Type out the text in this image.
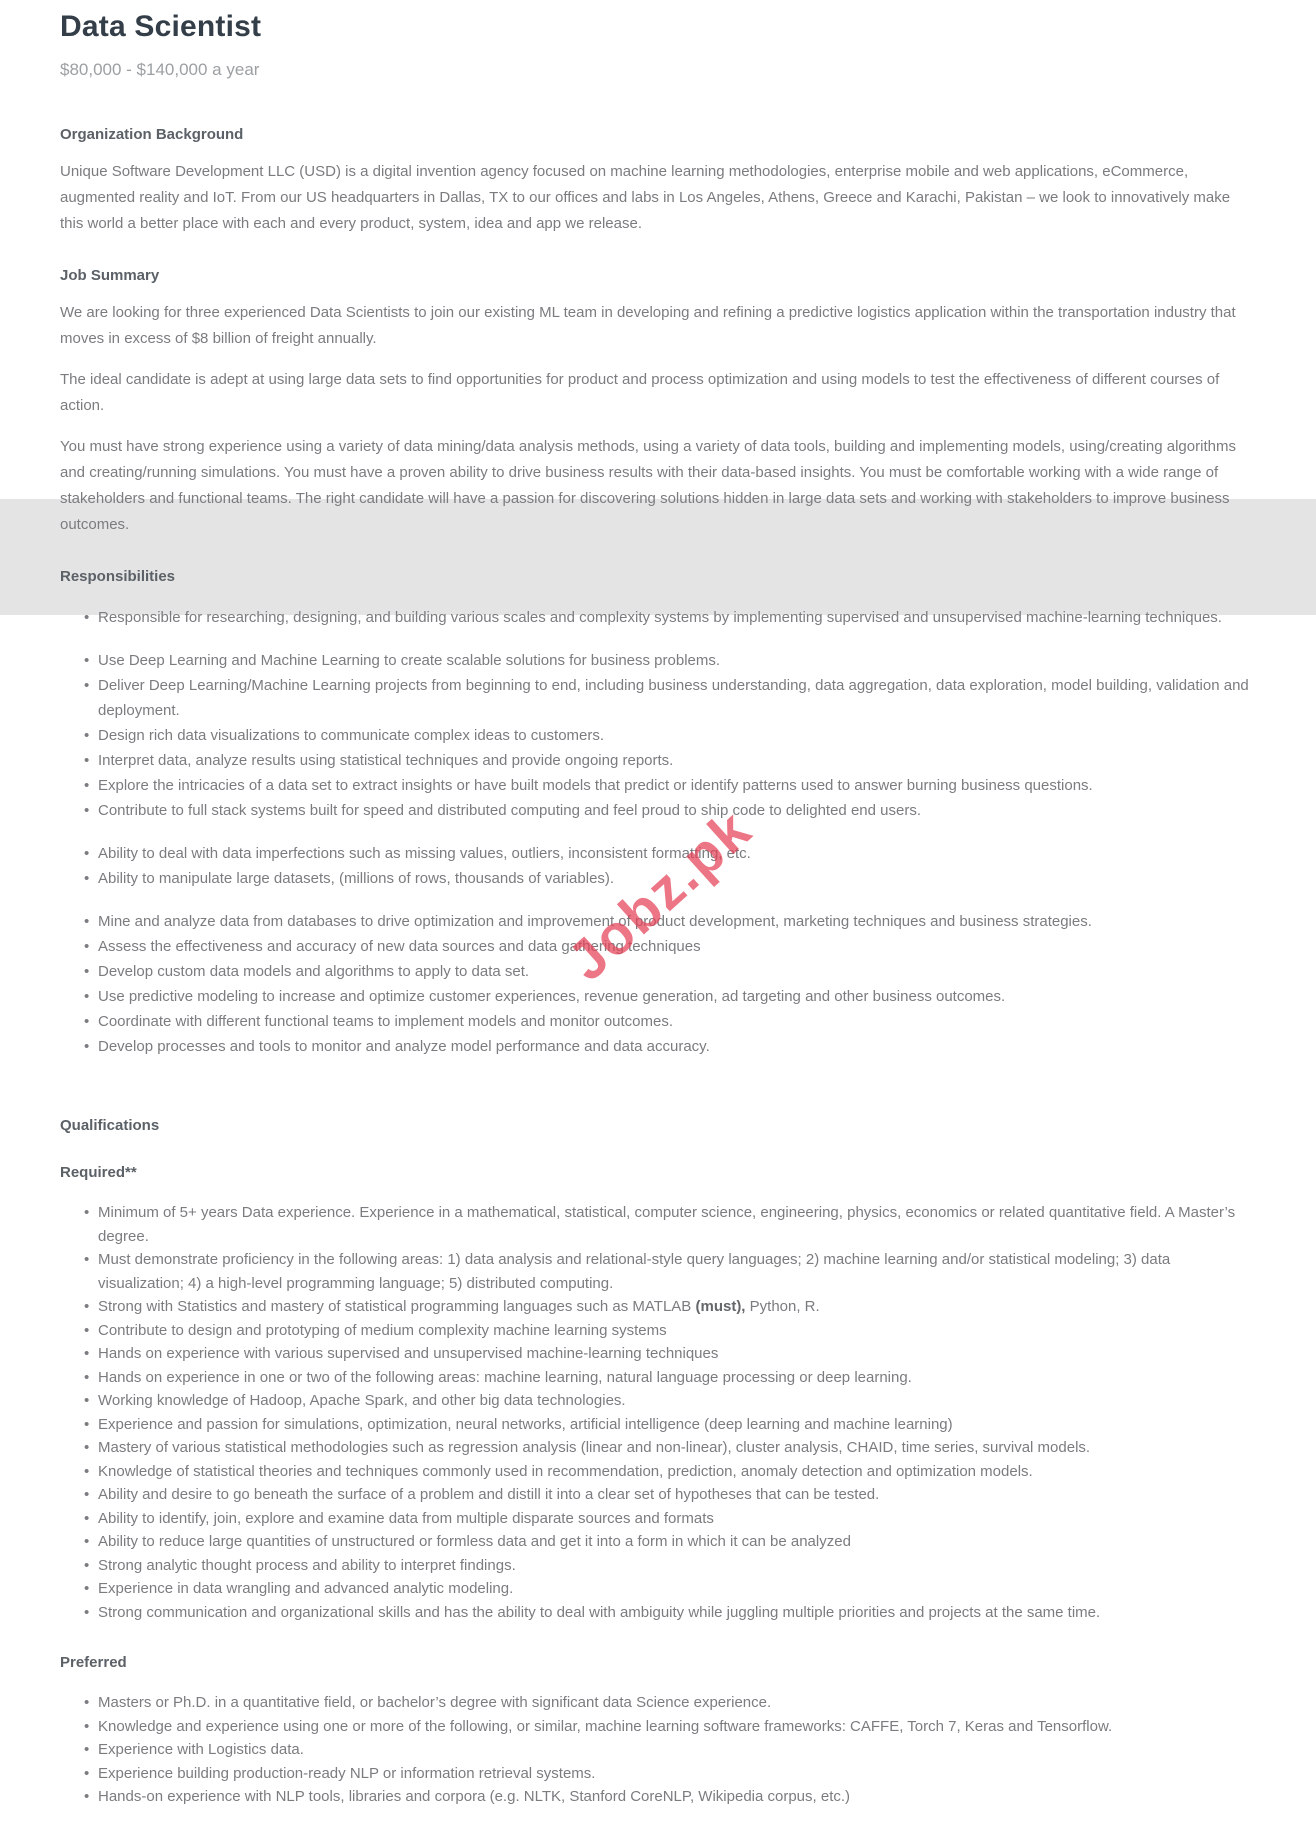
Data Scientist
$80,000 - $140,000 a year
Organization Background

Unique Software Development LLC (USD) is a digital invention agency focused on machine learning methodologies, enterprise mobile and web applications, eCommerce, augmented reality and IoT. From our US headquarters in Dallas, TX to our offices and labs in Los Angeles, Athens, Greece and Karachi, Pakistan – we look to innovatively make this world a better place with each and every product, system, idea and app we release.

Job Summary

We are looking for three experienced Data Scientists to join our existing ML team in developing and refining a predictive logistics application within the transportation industry that moves in excess of $8 billion of freight annually.

The ideal candidate is adept at using large data sets to find opportunities for product and process optimization and using models to test the effectiveness of different courses of action.

You must have strong experience using a variety of data mining/data analysis methods, using a variety of data tools, building and implementing models, using/creating algorithms and creating/running simulations. You must have a proven ability to drive business results with their data-based insights. You must be comfortable working with a wide range of stakeholders and functional teams. The right candidate will have a passion for discovering solutions hidden in large data sets and working with stakeholders to improve business outcomes.

Responsibilities
• Responsible for researching, designing, and building various scales and complexity systems by implementing supervised and unsupervised machine-learning techniques.
• Use Deep Learning and Machine Learning to create scalable solutions for business problems.
• Deliver Deep Learning/Machine Learning projects from beginning to end, including business understanding, data aggregation, data exploration, model building, validation and deployment.
• Design rich data visualizations to communicate complex ideas to customers.
• Interpret data, analyze results using statistical techniques and provide ongoing reports.
• Explore the intricacies of a data set to extract insights or have built models that predict or identify patterns used to answer burning business questions.
• Contribute to full stack systems built for speed and distributed computing and feel proud to ship code to delighted end users.
• Ability to deal with data imperfections such as missing values, outliers, inconsistent formatting, etc.
• Ability to manipulate large datasets, (millions of rows, thousands of variables).
• Mine and analyze data from databases to drive optimization and improvement of product development, marketing techniques and business strategies.
• Assess the effectiveness and accuracy of new data sources and data gathering techniques
• Develop custom data models and algorithms to apply to data set.
• Use predictive modeling to increase and optimize customer experiences, revenue generation, ad targeting and other business outcomes.
• Coordinate with different functional teams to implement models and monitor outcomes.
• Develop processes and tools to monitor and analyze model performance and data accuracy.
Qualifications
Required**
• Minimum of 5+ years Data experience. Experience in a mathematical, statistical, computer science, engineering, physics, economics or related quantitative field. A Master’s degree.
• Must demonstrate proficiency in the following areas: 1) data analysis and relational-style query languages; 2) machine learning and/or statistical modeling; 3) data visualization; 4) a high-level programming language; 5) distributed computing.
• Strong with Statistics and mastery of statistical programming languages such as MATLAB (must), Python, R.
• Contribute to design and prototyping of medium complexity machine learning systems
• Hands on experience with various supervised and unsupervised machine-learning techniques
• Hands on experience in one or two of the following areas: machine learning, natural language processing or deep learning.
• Working knowledge of Hadoop, Apache Spark, and other big data technologies.
• Experience and passion for simulations, optimization, neural networks, artificial intelligence (deep learning and machine learning)
• Mastery of various statistical methodologies such as regression analysis (linear and non-linear), cluster analysis, CHAID, time series, survival models.
• Knowledge of statistical theories and techniques commonly used in recommendation, prediction, anomaly detection and optimization models.
• Ability and desire to go beneath the surface of a problem and distill it into a clear set of hypotheses that can be tested.
• Ability to identify, join, explore and examine data from multiple disparate sources and formats
• Ability to reduce large quantities of unstructured or formless data and get it into a form in which it can be analyzed
• Strong analytic thought process and ability to interpret findings.
• Experience in data wrangling and advanced analytic modeling.
• Strong communication and organizational skills and has the ability to deal with ambiguity while juggling multiple priorities and projects at the same time.
Preferred
• Masters or Ph.D. in a quantitative field, or bachelor’s degree with significant data Science experience.
• Knowledge and experience using one or more of the following, or similar, machine learning software frameworks: CAFFE, Torch 7, Keras and Tensorflow.
• Experience with Logistics data.
• Experience building production-ready NLP or information retrieval systems.
• Hands-on experience with NLP tools, libraries and corpora (e.g. NLTK, Stanford CoreNLP, Wikipedia corpus, etc.)
Jobz.pk
